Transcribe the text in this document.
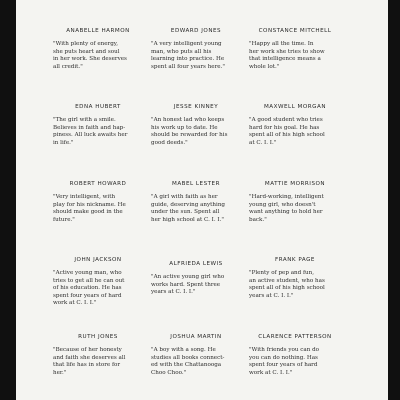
ANABELLE HARMON
"With plenty of energy,
she puts heart and soul
in her work. She deserves
all credit."
EDWARD JONES
"A very intelligent young
man, who puts all his
learning into practice. He
spent all four years here."
CONSTANCE MITCHELL
"Happy all the time. In
her work she tries to show
that intelligence means a
whole lot."
EDNA HUBERT
"The girl with a smile.
Believes in faith and hap-
piness. All luck awaits her
in life."
JESSE KINNEY
"An honest lad who keeps
his work up to date. He
should be rewarded for his
good deeds."
MAXWELL MORGAN
"A good student who tries
hard for his goal. He has
spent all of his high school
at C. I. I."
ROBERT HOWARD
"Very intelligent, with
play for his nickname. He
should make good in the
future."
MABEL LESTER
"A girl with faith as her
guide, deserving anything
under the sun. Spent all
her high school at C. I. I."
MATTIE MORRISON
"Hard-working, intelligent
young girl, who doesn't
want anything to hold her
back."
JOHN JACKSON
"Active young man, who
tries to get all he can out
of his education. He has
spent four years of hard
work at C. I. I."
ALFRIEDA LEWIS
"An active young girl who
works hard. Spent three
years at C. I. I."
FRANK PAGE
"Plenty of pep and fun,
an active student, who has
spent all of his high school
years at C. I. I."
RUTH JONES
"Because of her honesty
and faith she deserves all
that life has in store for
her."
JOSHUA MARTIN
"A boy with a song. He
studies all books connect-
ed with the Chattanooga
Choo Choo."
CLARENCE PATTERSON
"With friends you can do
you can do nothing. Has
spent four years of hard
work at C. I. I."
